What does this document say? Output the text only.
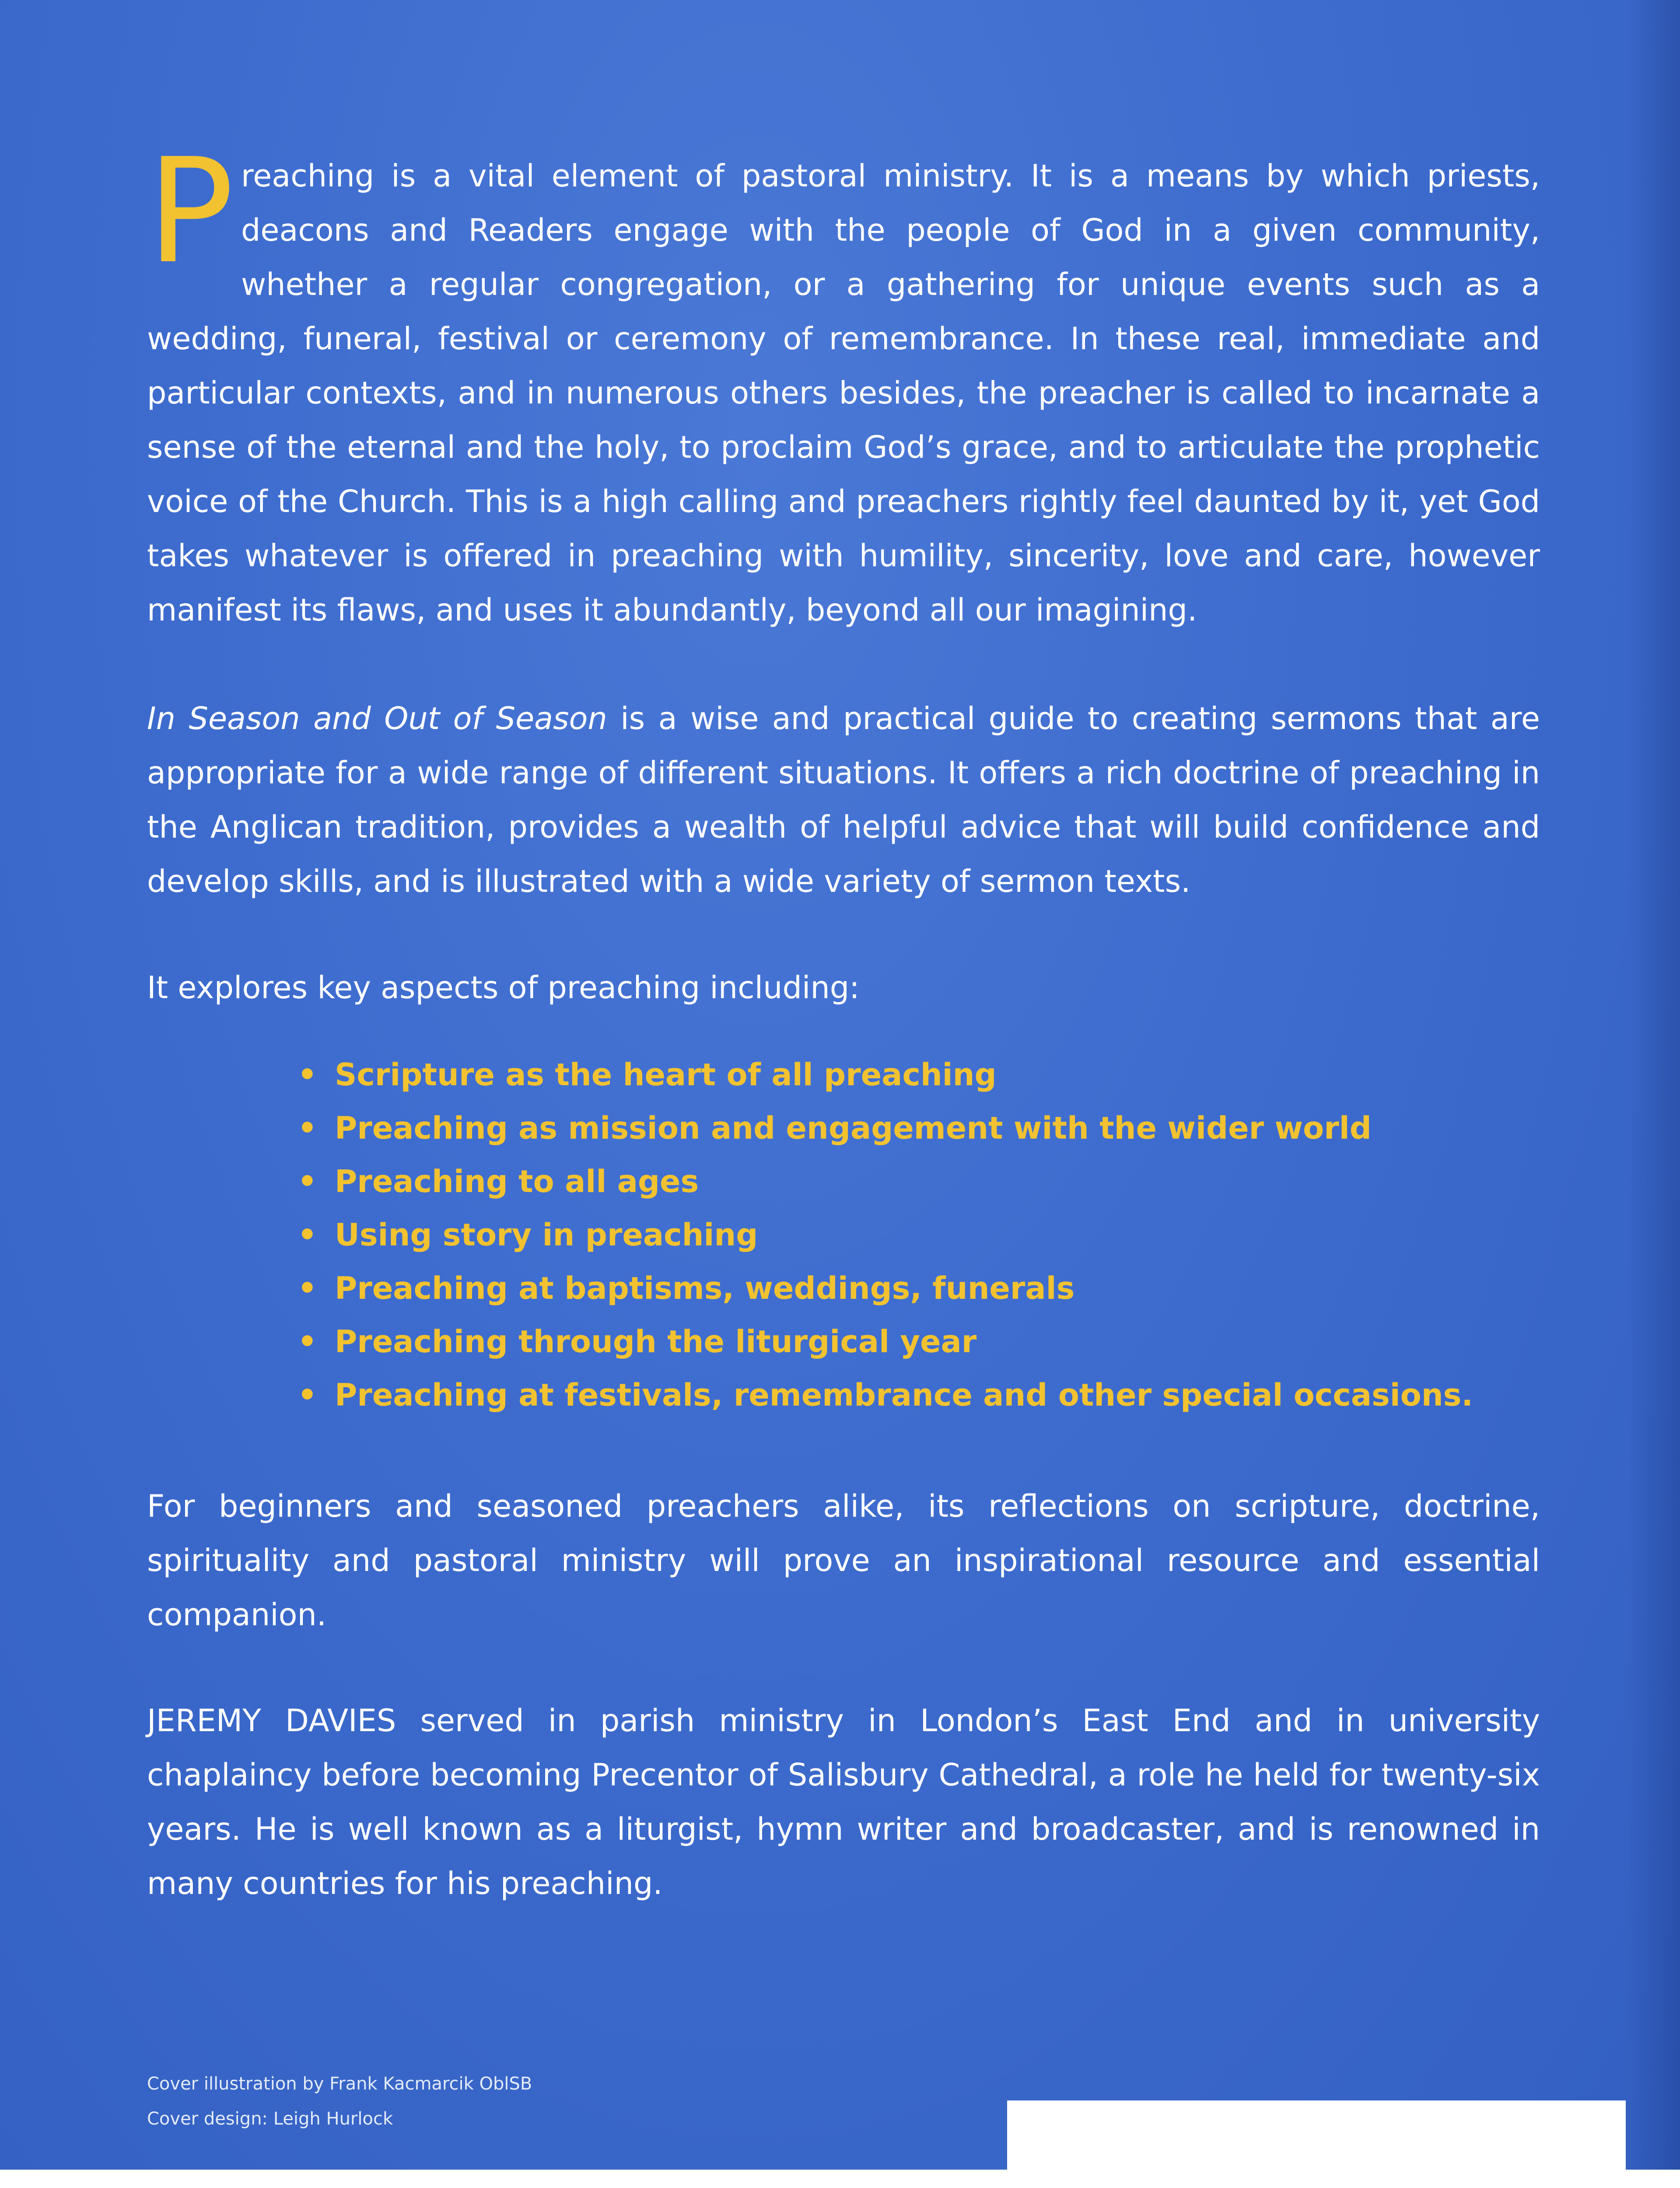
Preaching is a vital element of pastoral ministry. It is a means by which priests, deacons and Readers engage with the people of God in a given community, whether a regular congregation, or a gathering for unique events such as a wedding, funeral, festival or ceremony of remembrance. In these real, immediate and particular contexts, and in numerous others besides, the preacher is called to incarnate a sense of the eternal and the holy, to proclaim God’s grace, and to articulate the prophetic voice of the Church. This is a high calling and preachers rightly feel daunted by it, yet God takes whatever is offered in preaching with humility, sincerity, love and care, however manifest its flaws, and uses it abundantly, beyond all our imagining.

In Season and Out of Season is a wise and practical guide to creating sermons that are appropriate for a wide range of different situations. It offers a rich doctrine of preaching in the Anglican tradition, provides a wealth of helpful advice that will build confidence and develop skills, and is illustrated with a wide variety of sermon texts.

It explores key aspects of preaching including:

• Scripture as the heart of all preaching
• Preaching as mission and engagement with the wider world
• Preaching to all ages
• Using story in preaching
• Preaching at baptisms, weddings, funerals
• Preaching through the liturgical year
• Preaching at festivals, remembrance and other special occasions.

For beginners and seasoned preachers alike, its reflections on scripture, doctrine, spirituality and pastoral ministry will prove an inspirational resource and essential companion.

JEREMY DAVIES served in parish ministry in London’s East End and in university chaplaincy before becoming Precentor of Salisbury Cathedral, a role he held for twenty-six years. He is well known as a liturgist, hymn writer and broadcaster, and is renowned in many countries for his preaching.

Cover illustration by Frank Kacmarcik OblSB
Cover design: Leigh Hurlock
